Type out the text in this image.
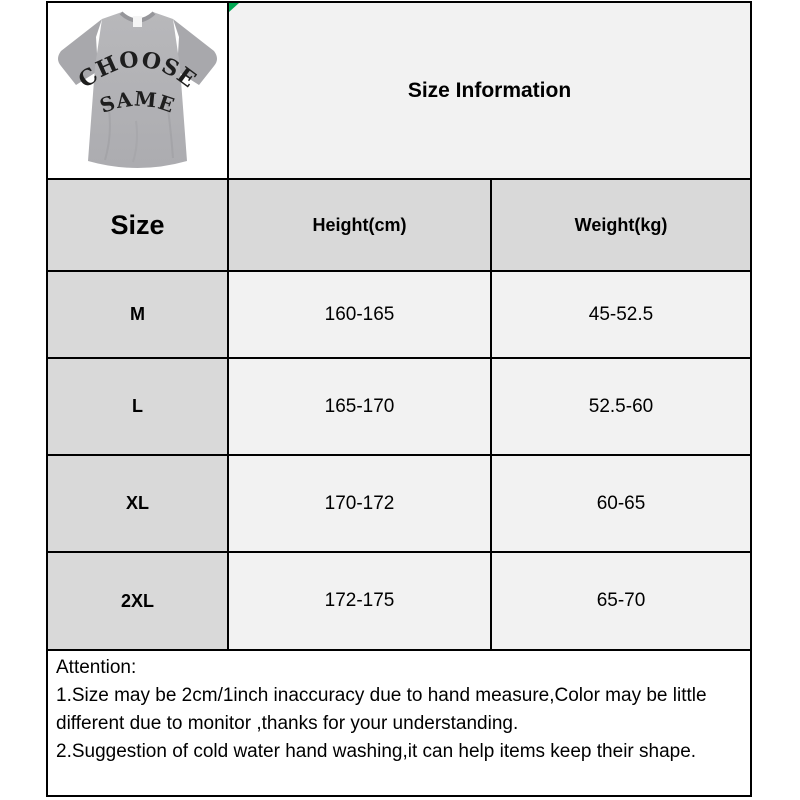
CHOOSE
SAME	Size Information
Size	Height(cm)	Weight(kg)
M	160-165	45-52.5
L	165-170	52.5-60
XL	170-172	60-65
2XL	172-175	65-70
Attention:
1.Size may be 2cm/1inch inaccuracy due to hand measure,Color may be little different due to monitor ,thanks for your understanding.
2.Suggestion of cold water hand washing,it can help items keep their shape.
